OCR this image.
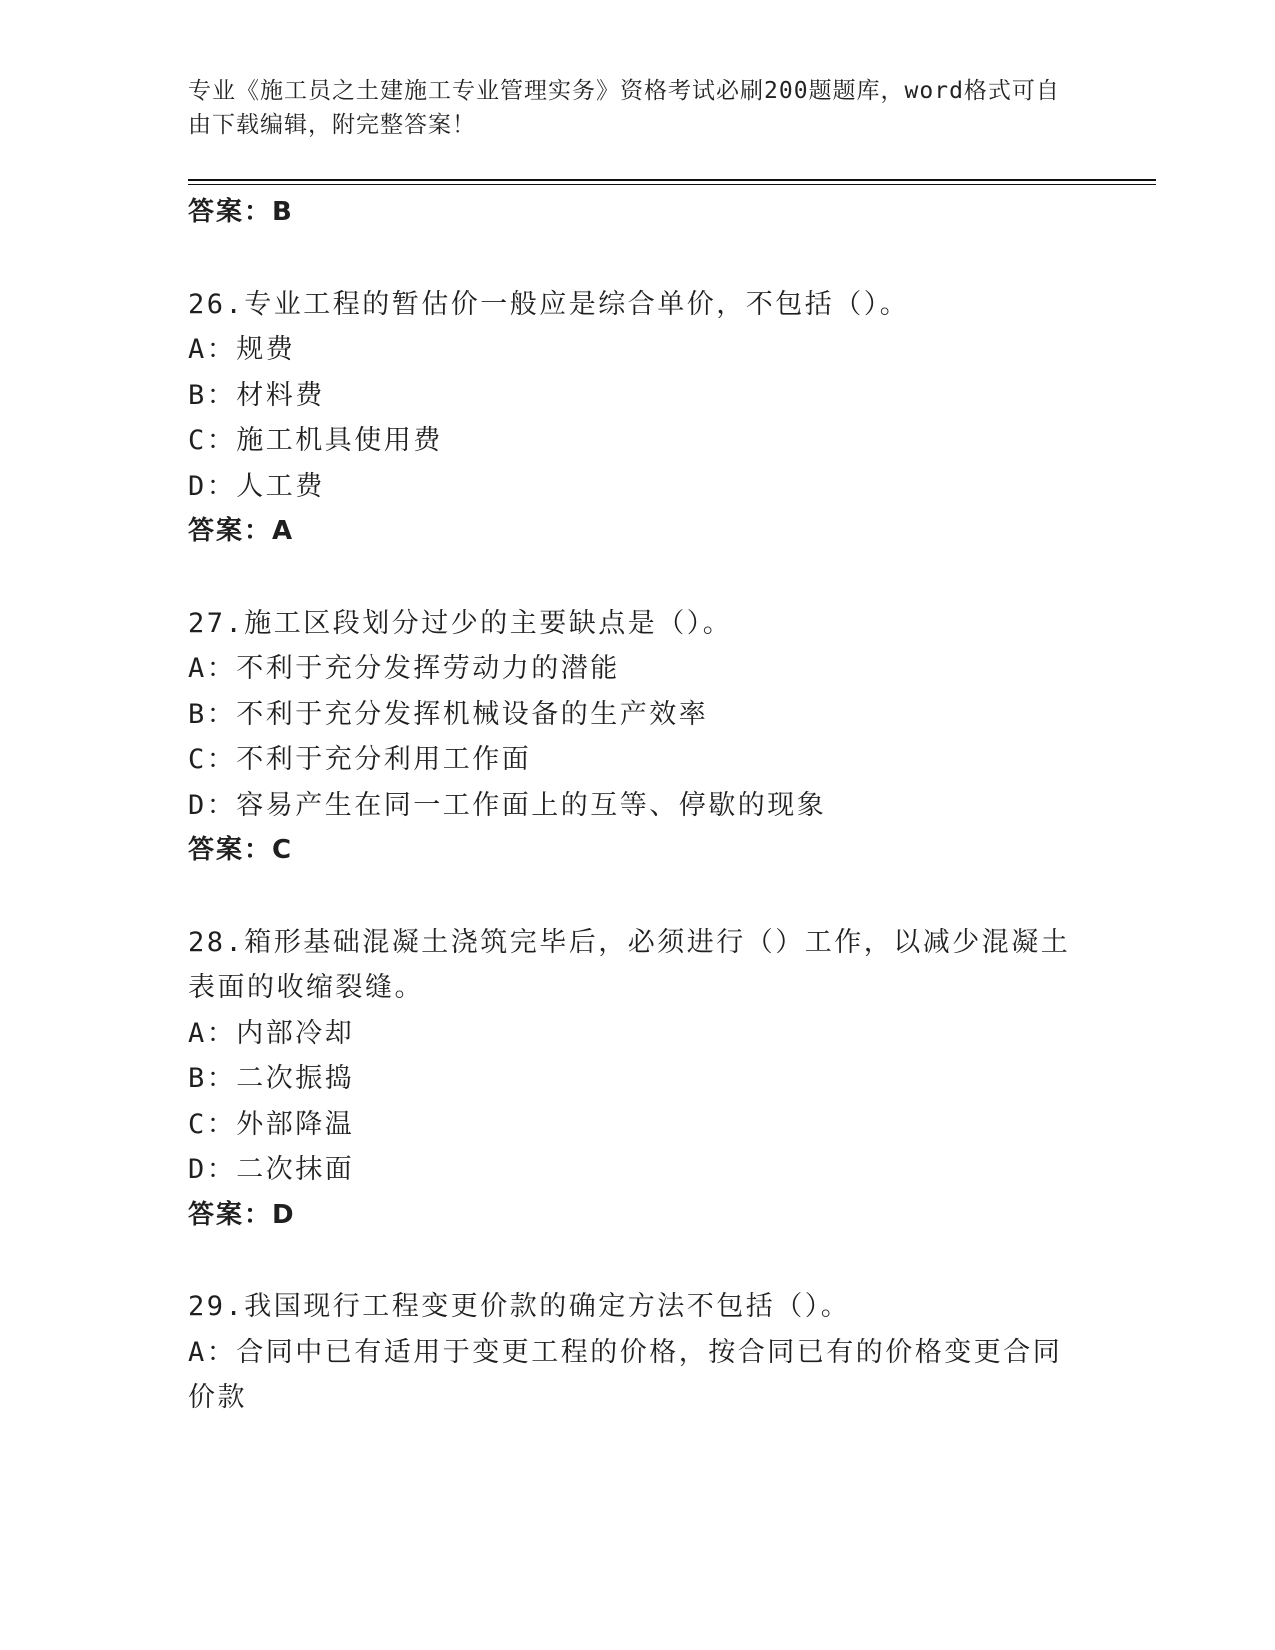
专业《施工员之土建施工专业管理实务》资格考试必刷200题题库，word格式可自由下载编辑，附完整答案！
答案：B
26.专业工程的暂估价一般应是综合单价，不包括（）。
A：规费
B：材料费
C：施工机具使用费
D：人工费
答案：A
27.施工区段划分过少的主要缺点是（）。
A：不利于充分发挥劳动力的潜能
B：不利于充分发挥机械设备的生产效率
C：不利于充分利用工作面
D：容易产生在同一工作面上的互等、停歇的现象
答案：C
28.箱形基础混凝土浇筑完毕后，必须进行（）工作，以减少混凝土表面的收缩裂缝。
A：内部冷却
B：二次振捣
C：外部降温
D：二次抹面
答案：D
29.我国现行工程变更价款的确定方法不包括（）。
A：合同中已有适用于变更工程的价格，按合同已有的价格变更合同价款
